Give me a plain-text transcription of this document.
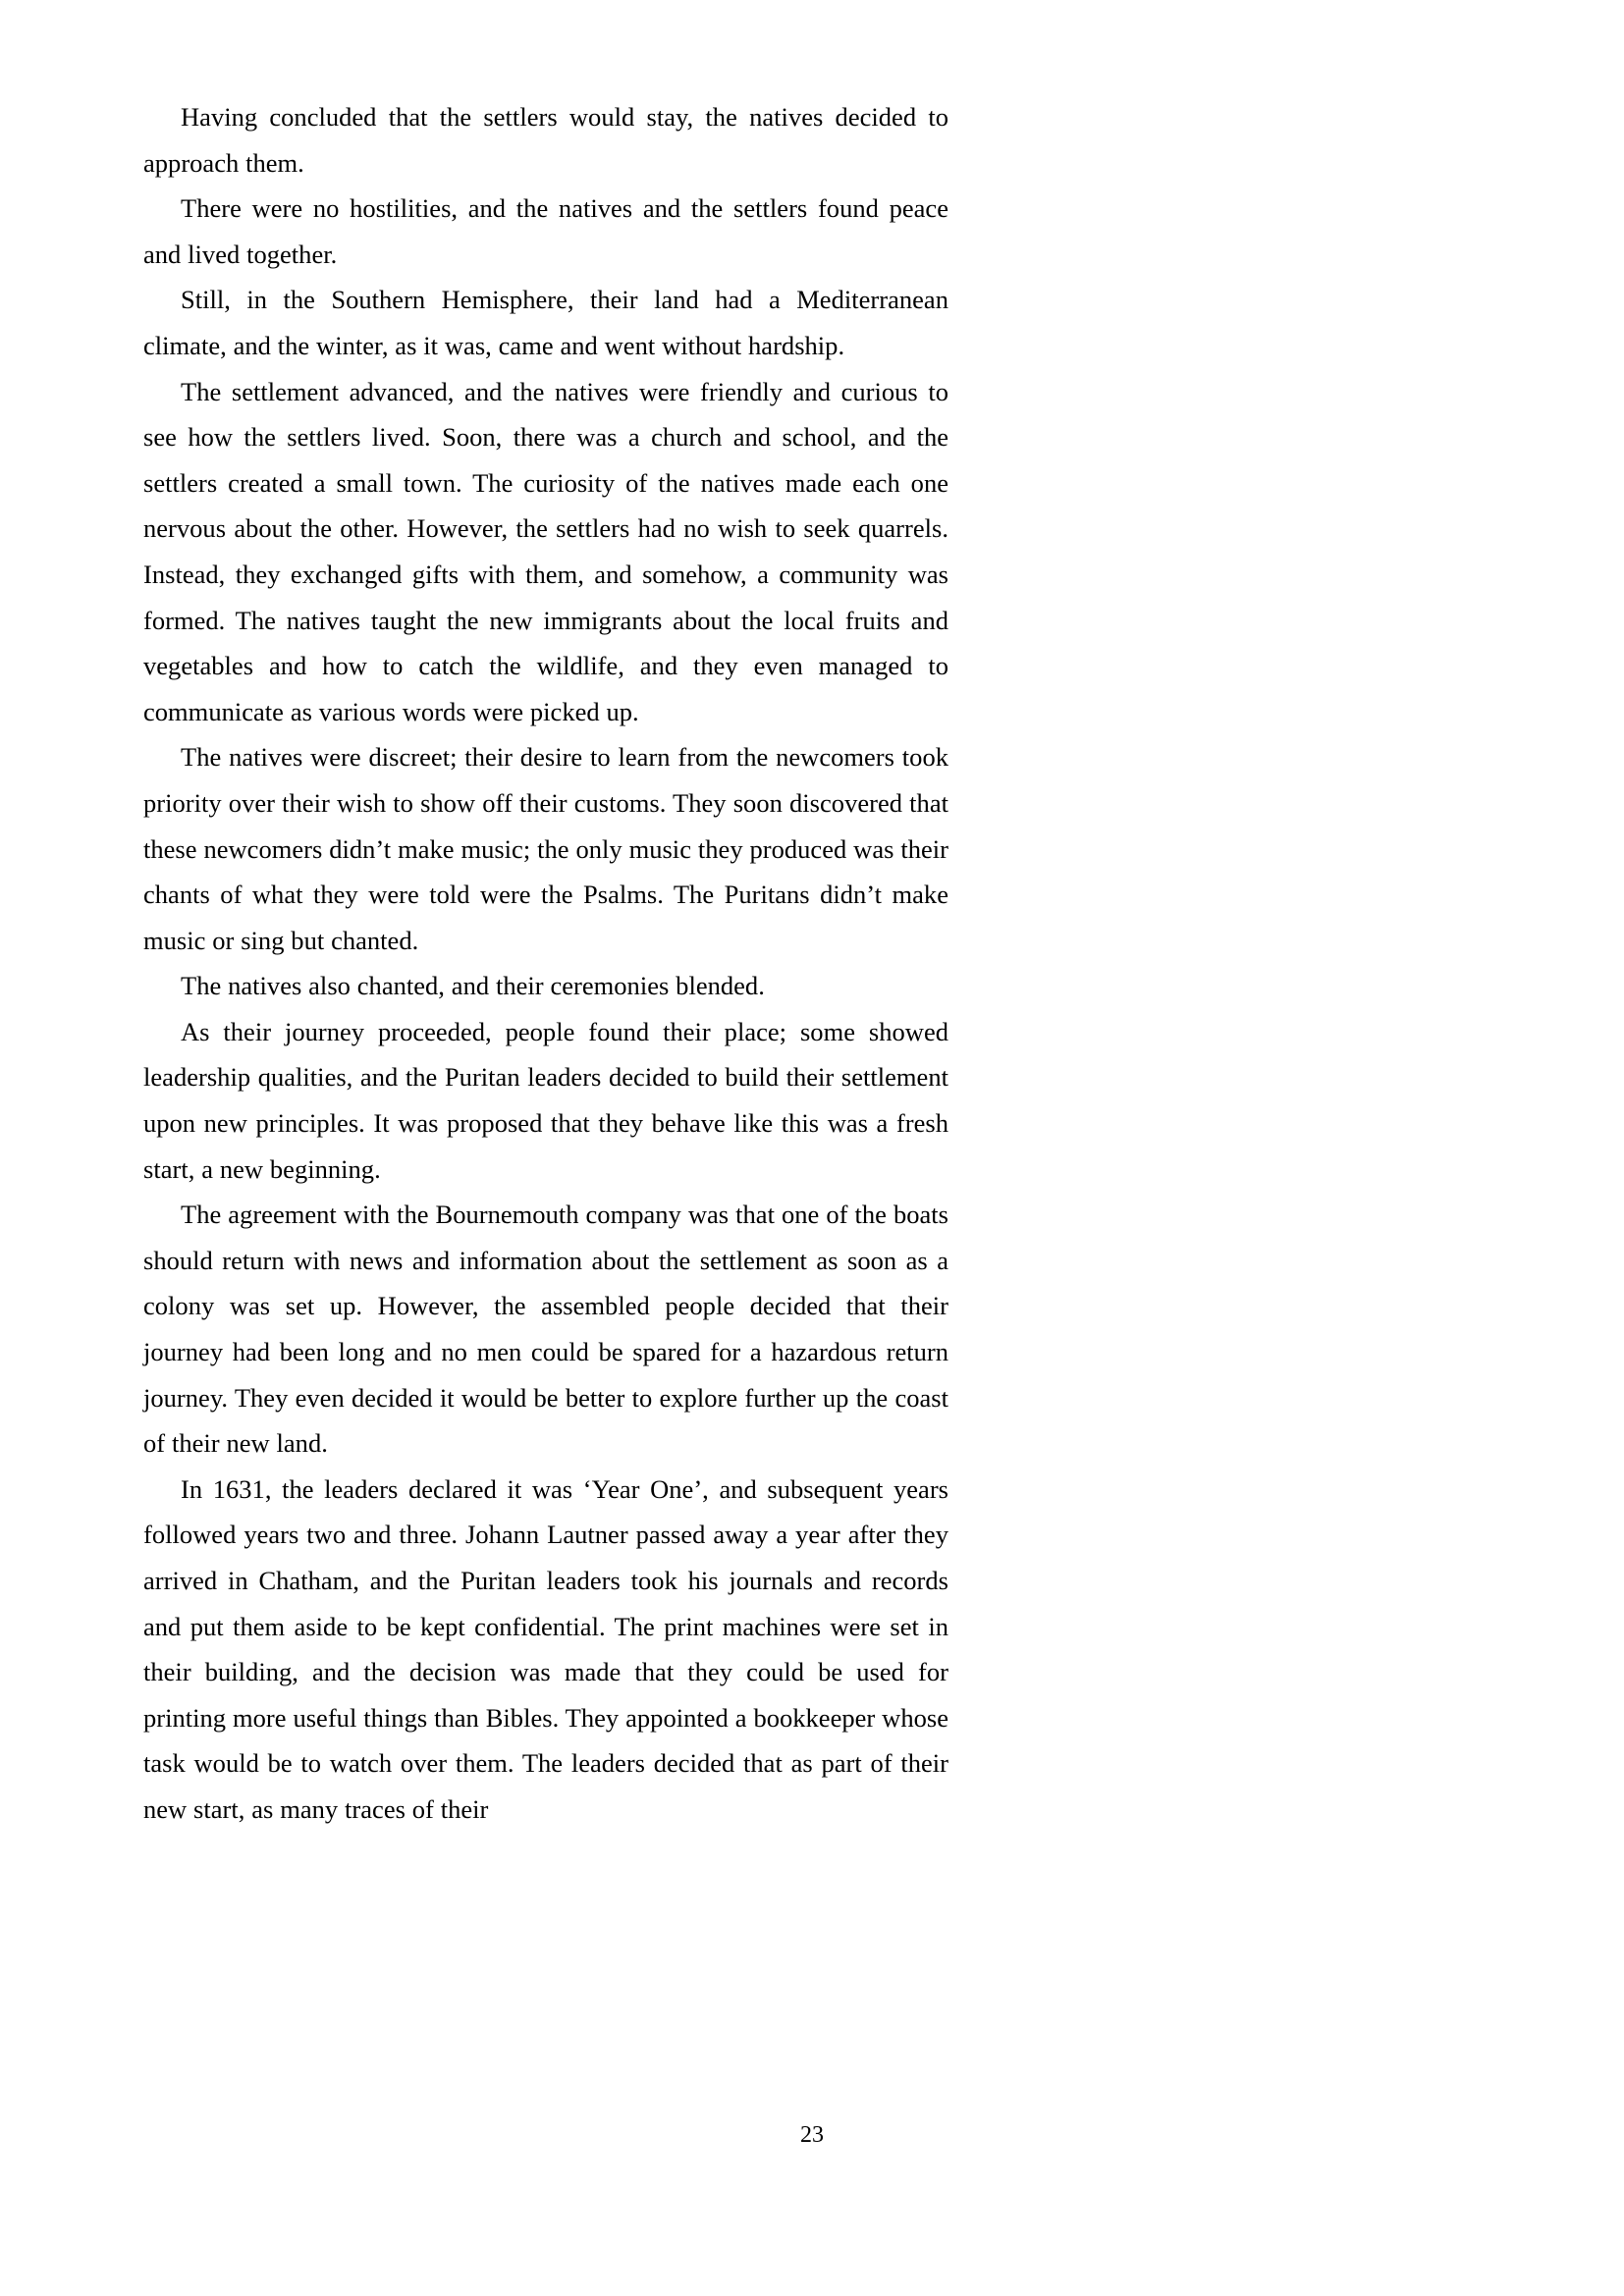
Having concluded that the settlers would stay, the natives decided to approach them.

There were no hostilities, and the natives and the settlers found peace and lived together.

Still, in the Southern Hemisphere, their land had a Mediterranean climate, and the winter, as it was, came and went without hardship.

The settlement advanced, and the natives were friendly and curious to see how the settlers lived. Soon, there was a church and school, and the settlers created a small town. The curiosity of the natives made each one nervous about the other. However, the settlers had no wish to seek quarrels. Instead, they exchanged gifts with them, and somehow, a community was formed. The natives taught the new immigrants about the local fruits and vegetables and how to catch the wildlife, and they even managed to communicate as various words were picked up.

The natives were discreet; their desire to learn from the newcomers took priority over their wish to show off their customs. They soon discovered that these newcomers didn’t make music; the only music they produced was their chants of what they were told were the Psalms. The Puritans didn’t make music or sing but chanted.

The natives also chanted, and their ceremonies blended.

As their journey proceeded, people found their place; some showed leadership qualities, and the Puritan leaders decided to build their settlement upon new principles. It was proposed that they behave like this was a fresh start, a new beginning.

The agreement with the Bournemouth company was that one of the boats should return with news and information about the settlement as soon as a colony was set up. However, the assembled people decided that their journey had been long and no men could be spared for a hazardous return journey. They even decided it would be better to explore further up the coast of their new land.

In 1631, the leaders declared it was ‘Year One’, and subsequent years followed years two and three. Johann Lautner passed away a year after they arrived in Chatham, and the Puritan leaders took his journals and records and put them aside to be kept confidential. The print machines were set in their building, and the decision was made that they could be used for printing more useful things than Bibles. They appointed a bookkeeper whose task would be to watch over them. The leaders decided that as part of their new start, as many traces of their

23
